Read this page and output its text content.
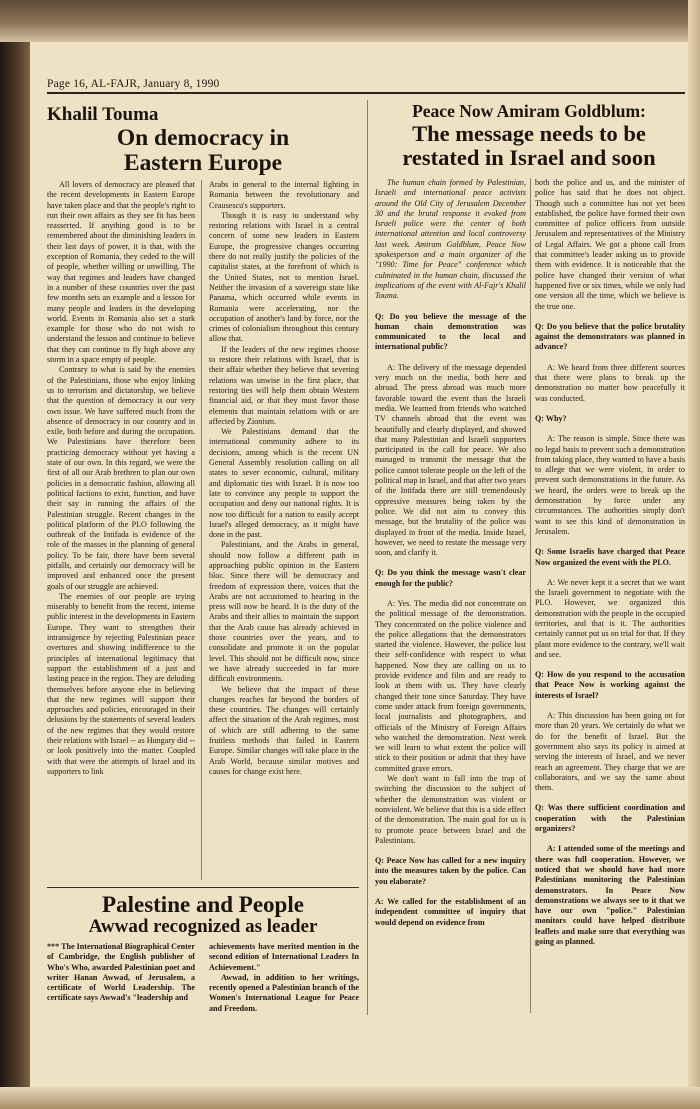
Page 16, AL-FAJR, January 8, 1990
Khalil Touma
On democracy in
Eastern Europe

All lovers of democracy are pleased that the recent developments in Eastern Europe have taken place and that the people's right to run their own affairs as they see fit has been reasserted. If anything good is to be remembered about the diminishing leaders in their last days of power, it is that, with the exception of Romania, they ceded to the will of people, whether willing or unwilling. The way that regimes and leaders have changed in a number of these countries over the past few months sets an example and a lesson for many people and leaders in the developing world. Events in Romania also set a stark example for those who do not wish to understand the lesson and continue to believe that they can continue to fly high above any storm in a space empty of people.

Contrary to what is said by the enemies of the Palestinians, those who enjoy linking us to terrorism and dictatorship, we believe that the question of democracy is our very own issue. We have suffered much from the absence of democracy in our country and in exile, both before and during the occupation. We Palestinians have therefore been practicing democracy without yet having a state of our own. In this regard, we were the first of all our Arab brethren to plan our own policies in a democratic fashion, allowing all political factions to exist, function, and have their say in running the affairs of the Palestinian struggle. Recent changes in the political platform of the PLO following the outbreak of the Intifada is evidence of the role of the masses in the planning of general policy. To be fair, there have been several pitfalls, and certainly our democracy will be improved and enhanced once the present goals of our struggle are achieved.

The enemies of our people are trying miserably to benefit from the recent, intense public interest in the developments in Eastern Europe. They want to strengthen their intransigence by rejecting Palestinian peace overtures and showing indifference to the principles of international legitimacy that support the establishment of a just and lasting peace in the region. They are deluding themselves before anyone else in believing that the new regimes will support their approaches and policies, encouraged in their delusions by the statements of several leaders of the new regimes that they would restore their relations with Israel -- as Hungary did -- or look positively into the matter. Coupled with that were the attempts of Israel and its supporters to link

Arabs in general to the internal fighting in Romania between the revolutionary and Ceausescu's supporters.

Though it is easy to understand why restoring relations with Israel is a central concern of some new leaders in Eastern Europe, the progressive changes occurring there do not really justify the policies of the capitalist states, at the forefront of which is the United States, not to mention Israel. Neither the invasion of a sovereign state like Panama, which occurred while events in Romania were accelerating, nor the occupation of another's land by force, nor the crimes of colonialism throughout this century allow that.

If the leaders of the new regimes choose to restore their relations with Israel, that is their affair whether they believe that severing relations was unwise in the first place, that restoring ties will help them obtain Western financial aid, or that they must favor those elements that maintain relations with or are affected by Zionism.

We Palestinians demand that the international community adhere to its decisions, among which is the recent UN General Assembly resolution calling on all states to sever economic, cultural, military and diplomatic ties with Israel. It is now too late to convince any people to support the occupation and deny our national rights. It is now too difficult for a nation to easily accept Israel's alleged democracy, as it might have done in the past.

Palestinians, and the Arabs in general, should now follow a different path in approaching public opinion in the Eastern bloc. Since there will be democracy and freedom of expression there, voices that the Arabs are not accustomed to hearing in the press will now be heard. It is the duty of the Arabs and their allies to maintain the support that the Arab cause has already achieved in those countries over the years, and to consolidate and promote it on the popular level. This should not be difficult now, since we have already succeeded in far more difficult environments.

We believe that the impact of these changes reaches far beyond the borders of these countries. The changes will certainly affect the situation of the Arab regimes, most of which are still adhering to the same fruitless methods that failed in Eastern Europe. Similar changes will take place in the Arab World, because similar motives and causes for change exist here.

Palestine and People
Awwad recognized as leader

*** The International Biographical Center of Cambridge, the English publisher of Who's Who, awarded Palestinian poet and writer Hanan Awwad, of Jerusalem, a certificate of World Leadership. The certificate says Awwad's "leadership and

achievements have merited mention in the second edition of International Leaders In Achievement."

Awwad, in addition to her writings, recently opened a Palestinian branch of the Women's International League for Peace and Freedom.

Peace Now Amiram Goldblum:
The message needs to be
restated in Israel and soon

The human chain formed by Palestinian, Israeli and international peace activists around the Old City of Jerusalem December 30 and the brutal response it evoked from Israeli police were the center of both international attention and local controversy last week. Amiram Goldblum, Peace Now spokesperson and a main organizer of the "1990: Time for Peace" conference which culminated in the human chain, discussed the implications of the event with Al-Fajr's Khalil Touma.

Q: Do you believe the message of the human chain demonstration was communicated to the local and international public?

A: The delivery of the message depended very much on the media, both here and abroad. The press abroad was much more favorable toward the event than the Israeli media. We learned from friends who watched TV channels abroad that the event was beautifully and clearly displayed, and showed that many Palestinian and Israeli supporters participated in the call for peace. We also managed to transmit the message that the police cannot tolerate people on the left of the political map in Israel, and that after two years of the Intifada there are still tremendously oppressive measures being taken by the police. We did not aim to convey this message, but the brutality of the police was displayed in front of the media. Inside Israel, however, we need to restate the message very soon, and clarify it.

Q: Do you think the message wasn't clear enough for the public?

A: Yes. The media did not concentrate on the political message of the demonstration. They concentrated on the police violence and the police allegations that the demonstrators started the violence. However, the police lost their self-confidence with respect to what happened. Now they are calling on us to provide evidence and film and are ready to look at them with us. They have clearly changed their tone since Saturday. They have come under attack from foreign governments, local journalists and photographers, and officials of the Ministry of Foreign Affairs who watched the demonstration. Next week we will learn to what extent the police will stick to their position or admit that they have committed grave errors.

We don't want to fall into the trap of switching the discussion to the subject of whether the demonstration was violent or nonviolent. We believe that this is a side effect of the demonstration. The main goal for us is to promote peace between Israel and the Palestinians.

Q: Peace Now has called for a new inquiry into the measures taken by the police. Can you elaborate?

A: We called for the establishment of an independent committee of inquiry that would depend on evidence from

both the police and us, and the minister of police has said that he does not object. Though such a committee has not yet been established, the police have formed their own committee of police officers from outside Jerusalem and representatives of the Ministry of Legal Affairs. We got a phone call from that committee's leader asking us to provide them with evidence. It is noticeable that the police have changed their version of what happened five or six times, while we only had one version all the time, which we believe is the true one.

Q: Do you believe that the police brutality against the demonstrators was planned in advance?

A: We heard from three different sources that there were plans to break up the demonstration no matter how peacefully it was conducted.

Q: Why?

A: The reason is simple. Since there was no legal basis to prevent such a demonstration from taking place, they wanted to have a basis to allege that we were violent, in order to prevent such demonstrations in the future. As we heard, the orders were to break up the demonstration by force under any circumstances. The authorities simply don't want to see this kind of demonstration in Jerusalem.

Q: Some Israelis have charged that Peace Now organized the event with the PLO.

A: We never kept it a secret that we want the Israeli government to negotiate with the PLO. However, we organized this demonstration with the people in the occupied territories, and that is it. The authorities certainly cannot put us on trial for that. If they plant more evidence to the contrary, we'll wait and see.

Q: How do you respond to the accusation that Peace Now is working against the interests of Israel?

A: This discussion has been going on for more than 20 years. We certainly do what we do for the benefit of Israel. But the government also says its policy is aimed at serving the interests of Israel, and we never reach an agreement. They charge that we are collaborators, and we say the same about them.

Q: Was there sufficient coordination and cooperation with the Palestinian organizers?

A: I attended some of the meetings and there was full cooperation. However, we noticed that we should have had more Palestinians monitoring the Palestinian demonstrators. In Peace Now demonstrations we always see to it that we have our own "police." Palestinian monitors could have helped distribute leaflets and make sure that everything was going as planned.
